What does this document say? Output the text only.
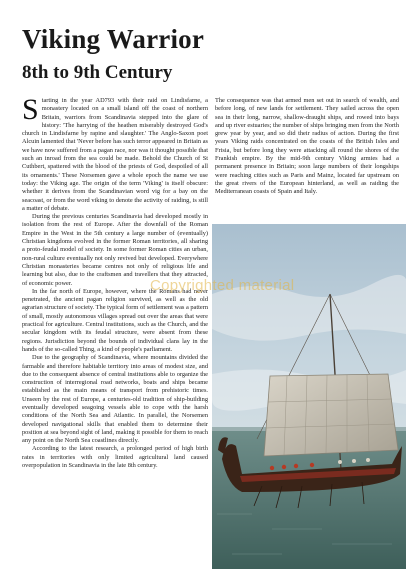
Viking Warrior
8th to 9th Century

Starting in the year AD793 with their raid on Lindisfarne, a monastery located on a small island off the coast of northern Britain, warriors from Scandinavia stepped into the glare of history: 'The harrying of the heathen miserably destroyed God's church in Lindisfarne by rapine and slaughter.' The Anglo-Saxon poet Alcuin lamented that 'Never before has such terror appeared in Britain as we have now suffered from a pagan race, nor was it thought possible that such an inroad from the sea could be made. Behold the Church of St Cuthbert, spattered with the blood of the priests of God, despoiled of all its ornaments.' These Norsemen gave a whole epoch the name we use today: the Viking age. The origin of the term 'Viking' is itself obscure: whether it derives from the Scandinavian word vig for a bay on the seacoast, or from the word viking to denote the activity of raiding, is still a matter of debate.

During the previous centuries Scandinavia had developed mostly in isolation from the rest of Europe. After the downfall of the Roman Empire in the West in the 5th century a large number of (eventually) Christian kingdoms evolved in the former Roman territories, all sharing a proto-feudal model of society. In some former Roman cities an urban, non-rural culture eventually not only revived but developed. Everywhere Christian monasteries became centres not only of religious life and learning but also, due to the craftsmen and travellers that they attracted, of economic power.

In the far north of Europe, however, where the Romans had never penetrated, the ancient pagan religion survived, as well as the old agrarian structure of society. The typical form of settlement was a pattern of small, mostly autonomous villages spread out over the areas that were practical for agriculture. Central institutions, such as the Church, and the secular kingdom with its feudal structure, were absent from these regions. Jurisdiction beyond the bounds of individual clans lay in the hands of the so-called Thing, a kind of people's parliament.

Due to the geography of Scandinavia, where mountains divided the farmable and therefore habitable territory into areas of modest size, and due to the consequent absence of central institutions able to organize the construction of interregional road networks, boats and ships became established as the main means of transport from prehistoric times. Unseen by the rest of Europe, a centuries-old tradition of ship-building eventually developed seagoing vessels able to cope with the harsh conditions of the North Sea and Atlantic. In parallel, the Norsemen developed navigational skills that enabled them to determine their position at sea beyond sight of land, making it possible for them to reach any point on the North Sea coastlines directly.

According to the latest research, a prolonged period of high birth rates in territories with only limited agricultural land caused overpopulation in Scandinavia in the late 8th century.

The consequence was that armed men set out in search of wealth, and before long, of new lands for settlement. They sailed across the open sea in their long, narrow, shallow-draught ships, and rowed into bays and up river estuaries; the number of ships bringing men from the North grew year by year, and so did their radius of action. During the first years Viking raids concentrated on the coasts of the British Isles and Frisia, but before long they were attacking all round the shores of the Frankish empire. By the mid-9th century Viking armies had a permanent presence in Britain; soon large numbers of their longships were reaching cities such as Paris and Mainz, located far upstream on the great rivers of the European hinterland, as well as raiding the Mediterranean coasts of Spain and Italy.

Copyrighted material
